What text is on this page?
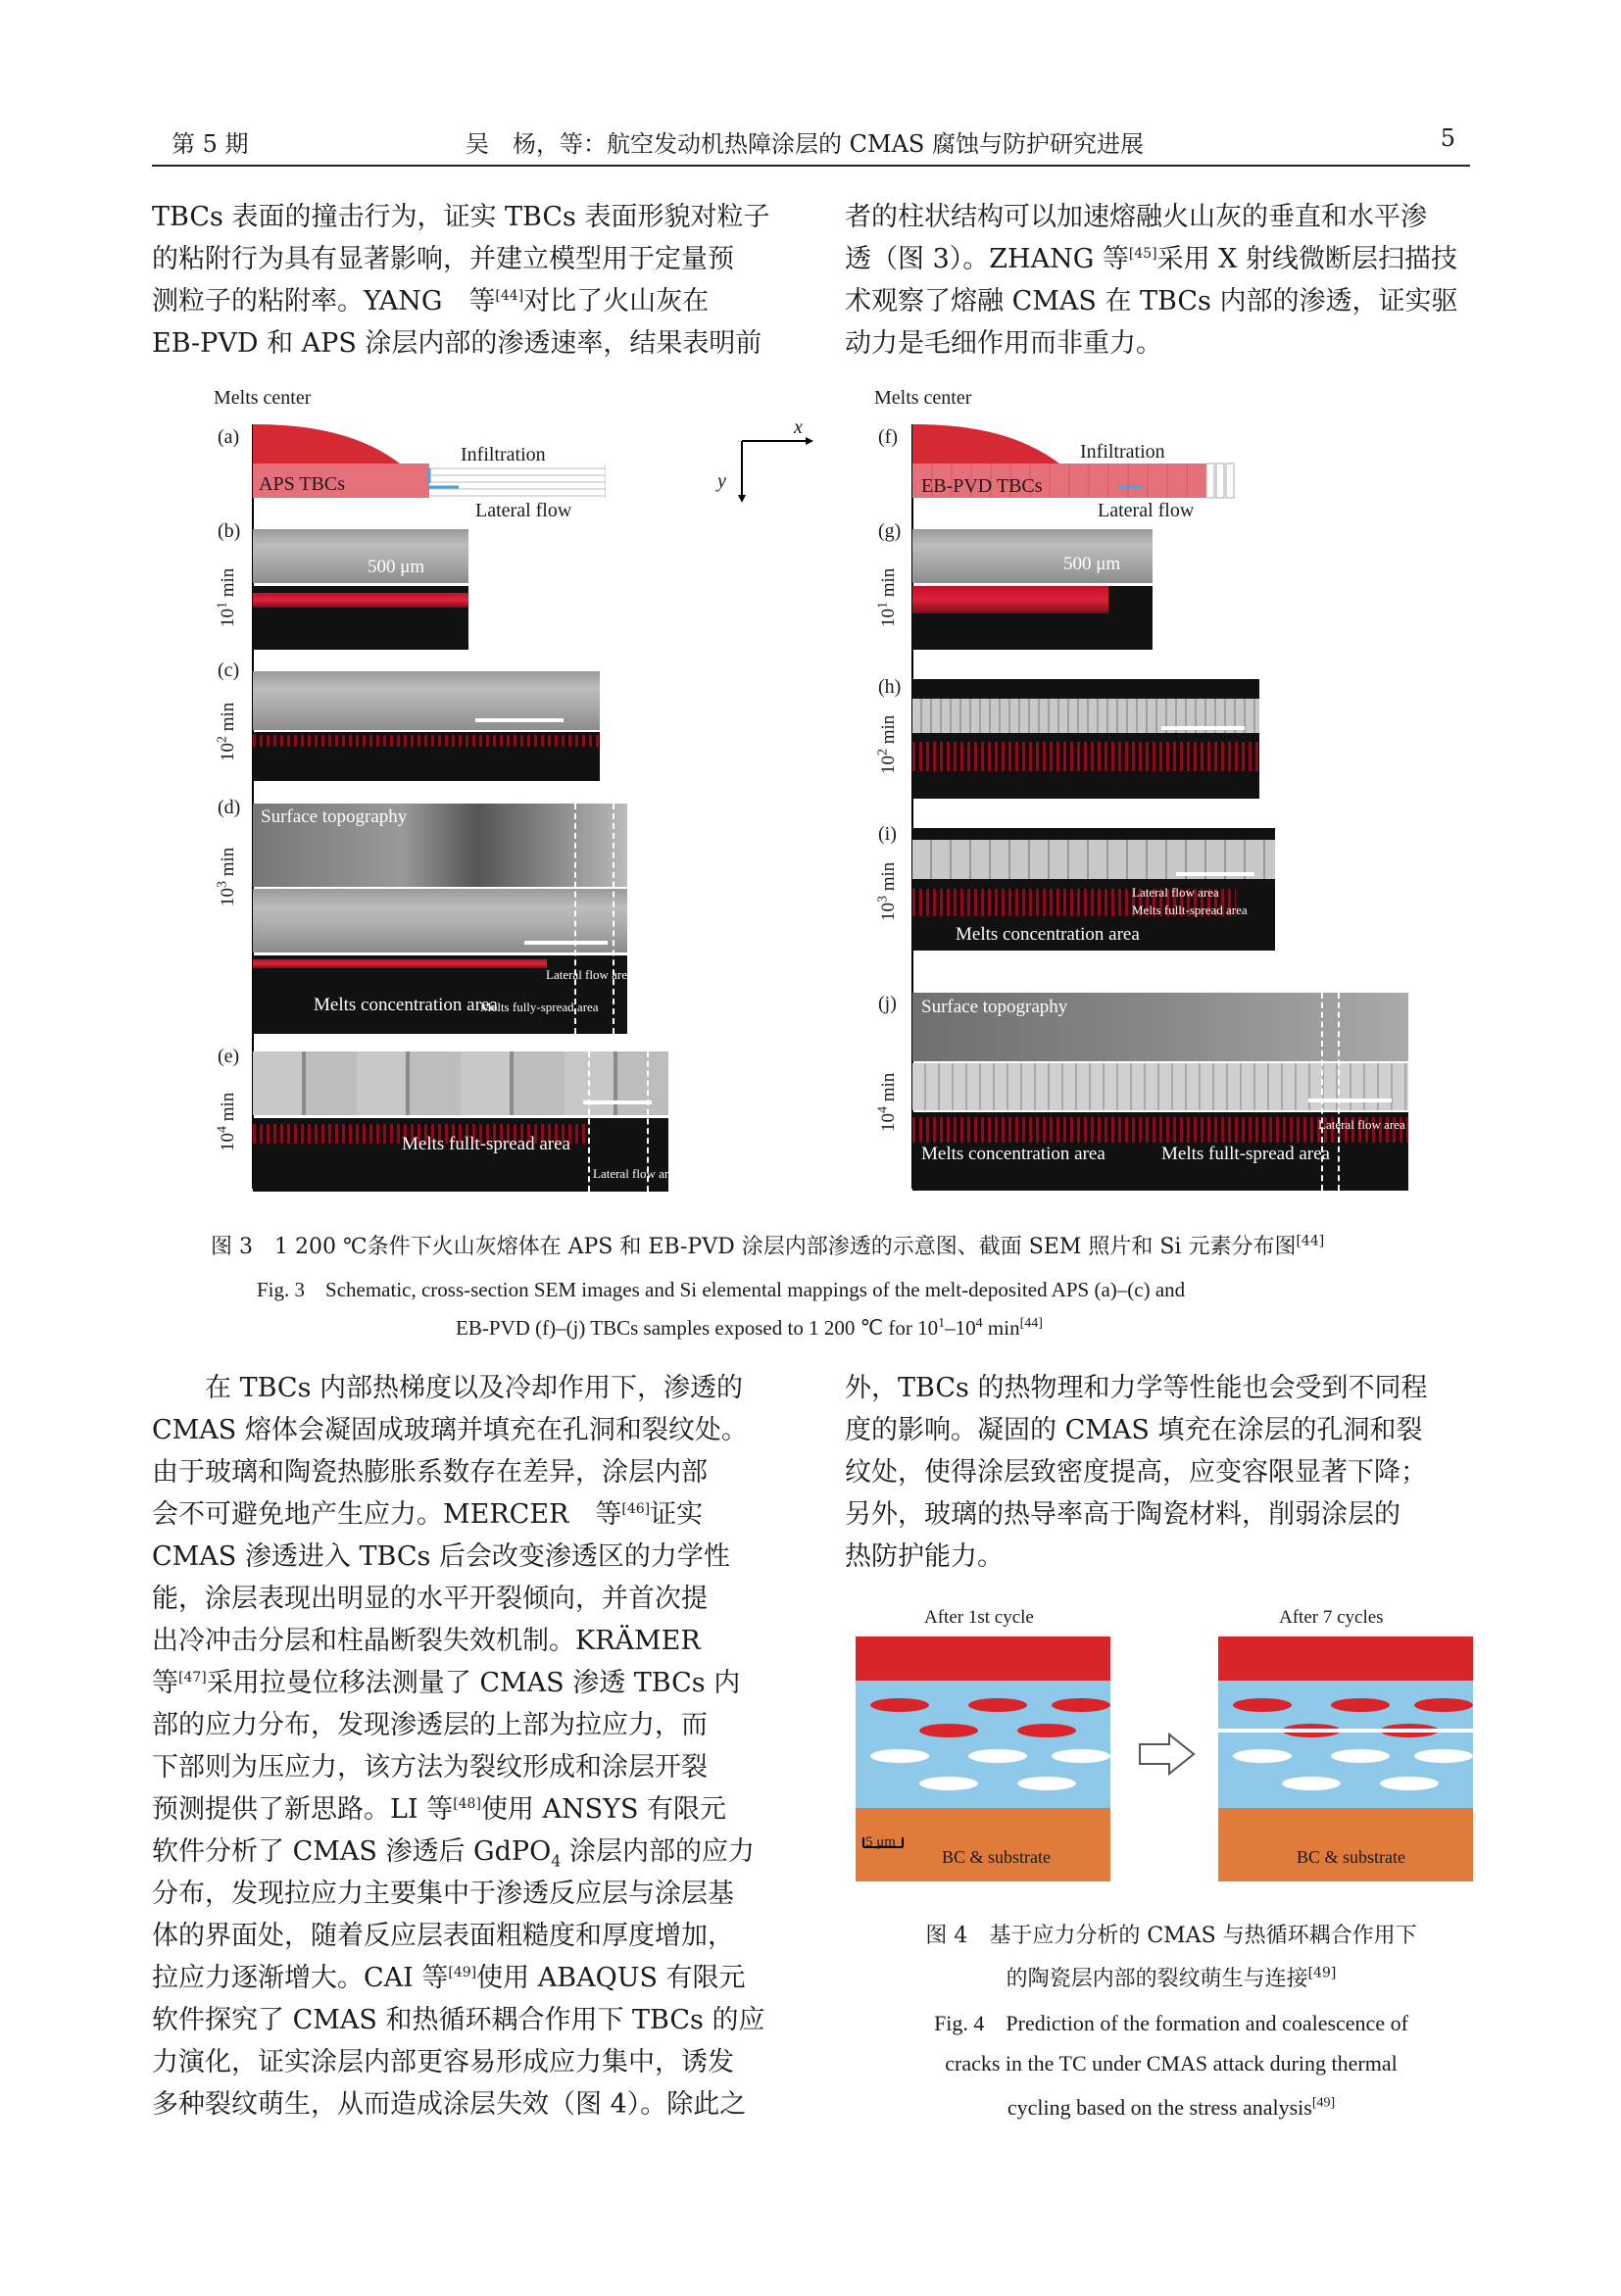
第 5 期	吴　杨，等：航空发动机热障涂层的 CMAS 腐蚀与防护研究进展	5

TBCs 表面的撞击行为，证实 TBCs 表面形貌对粒子

的粘附行为具有显著影响，并建立模型用于定量预

测粒子的粘附率。YANG　等[44]对比了火山灰在

EB-PVD 和 APS 涂层内部的渗透速率，结果表明前

者的柱状结构可以加速熔融火山灰的垂直和水平渗

透（图 3）。ZHANG 等[45]采用 X 射线微断层扫描技

术观察了熔融 CMAS 在 TBCs 内部的渗透，证实驱

动力是毛细作用而非重力。

Melts center
(a)
Infiltration
APS TBCs
Lateral flow
x
y
(b)
$10^1$ min
500 μm
(c)
$10^2$ min
(d)
$10^3$ min
Surface topography
Melts concentration area
Melts fully-spread area
Lateral flow area
(e)
$10^4$ min
Melts fullt-spread area
Lateral flow area
Melts center
(f)
Infiltration
EB-PVD TBCs
Lateral flow
(g)
$10^1$ min
500 μm
(h)
$10^2$ min
(i)
$10^3$ min
Lateral flow area
Melts fullt-spread area
Melts concentration area
(j)
$10^4$ min
Surface topography
Lateral flow area
Melts concentration area	Melts fullt-spread area
图 3　1 200 ℃条件下火山灰熔体在 APS 和 EB-PVD 涂层内部渗透的示意图、截面 SEM 照片和 Si 元素分布图[44]
Fig. 3　Schematic, cross-section SEM images and Si elemental mappings of the melt-deposited APS (a)–(c) and
EB-PVD (f)–(j) TBCs samples exposed to 1 200 ℃ for $10^1-10^4$ min[44]

在 TBCs 内部热梯度以及冷却作用下，渗透的

CMAS 熔体会凝固成玻璃并填充在孔洞和裂纹处。

由于玻璃和陶瓷热膨胀系数存在差异，涂层内部

会不可避免地产生应力。MERCER　等[46]证实

CMAS 渗透进入 TBCs 后会改变渗透区的力学性

能，涂层表现出明显的水平开裂倾向，并首次提

出冷冲击分层和柱晶断裂失效机制。KRÄMER

等[47]采用拉曼位移法测量了 CMAS 渗透 TBCs 内

部的应力分布，发现渗透层的上部为拉应力，而

下部则为压应力，该方法为裂纹形成和涂层开裂

预测提供了新思路。LI 等[48]使用 ANSYS 有限元

软件分析了 CMAS 渗透后 GdPO$_4$ 涂层内部的应力

分布，发现拉应力主要集中于渗透反应层与涂层基

体的界面处，随着反应层表面粗糙度和厚度增加，

拉应力逐渐增大。CAI 等[49]使用 ABAQUS 有限元

软件探究了 CMAS 和热循环耦合作用下 TBCs 的应

力演化，证实涂层内部更容易形成应力集中，诱发

多种裂纹萌生，从而造成涂层失效（图 4）。除此之

外，TBCs 的热物理和力学等性能也会受到不同程

度的影响。凝固的 CMAS 填充在涂层的孔洞和裂

纹处，使得涂层致密度提高，应变容限显著下降；

另外，玻璃的热导率高于陶瓷材料，削弱涂层的

热防护能力。

After 1st cycle	After 7 cycles
5 μm
BC & substrate	BC & substrate
图 4　基于应力分析的 CMAS 与热循环耦合作用下
的陶瓷层内部的裂纹萌生与连接[49]
Fig. 4　Prediction of the formation and coalescence of
cracks in the TC under CMAS attack during thermal
cycling based on the stress analysis[49]
